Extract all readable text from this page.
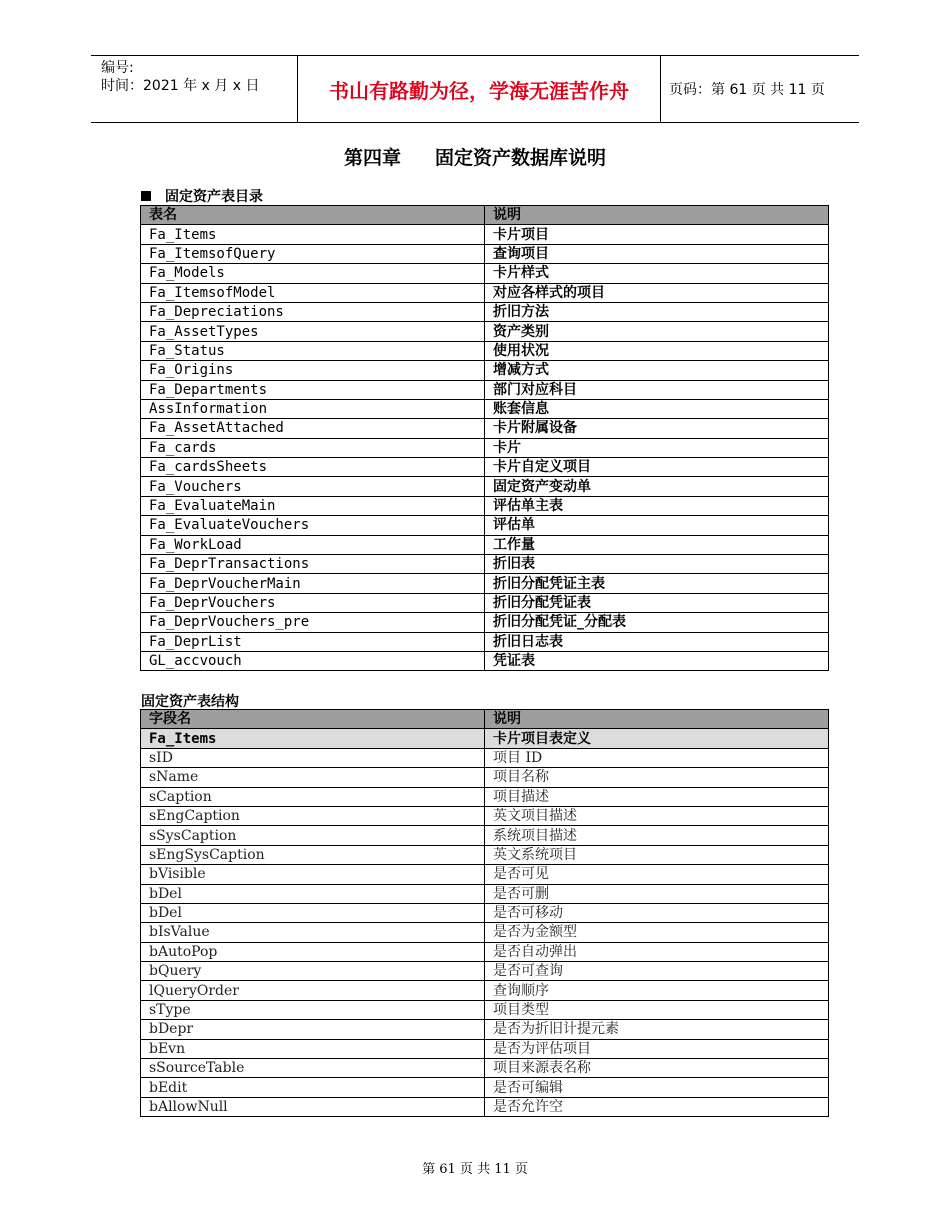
编号:
时间：2021 年 x 月 x 日	书山有路勤为径，学海无涯苦作舟	页码：第 61 页 共 11 页
第四章 固定资产数据库说明
固定资产表目录
表名	说明
Fa_Items	卡片项目
Fa_ItemsofQuery	查询项目
Fa_Models	卡片样式
Fa_ItemsofModel	对应各样式的项目
Fa_Depreciations	折旧方法
Fa_AssetTypes	资产类别
Fa_Status	使用状况
Fa_Origins	增减方式
Fa_Departments	部门对应科目
AssInformation	账套信息
Fa_AssetAttached	卡片附属设备
Fa_cards	卡片
Fa_cardsSheets	卡片自定义项目
Fa_Vouchers	固定资产变动单
Fa_EvaluateMain	评估单主表
Fa_EvaluateVouchers	评估单
Fa_WorkLoad	工作量
Fa_DeprTransactions	折旧表
Fa_DeprVoucherMain	折旧分配凭证主表
Fa_DeprVouchers	折旧分配凭证表
Fa_DeprVouchers_pre	折旧分配凭证_分配表
Fa_DeprList	折旧日志表
GL_accvouch	凭证表
固定资产表结构
字段名	说明
Fa_Items	卡片项目表定义
sID	项目 ID
sName	项目名称
sCaption	项目描述
sEngCaption	英文项目描述
sSysCaption	系统项目描述
sEngSysCaption	英文系统项目
bVisible	是否可见
bDel	是否可删
bDel	是否可移动
bIsValue	是否为金额型
bAutoPop	是否自动弹出
bQuery	是否可查询
lQueryOrder	查询顺序
sType	项目类型
bDepr	是否为折旧计提元素
bEvn	是否为评估项目
sSourceTable	项目来源表名称
bEdit	是否可编辑
bAllowNull	是否允许空
第 61 页 共 11 页
